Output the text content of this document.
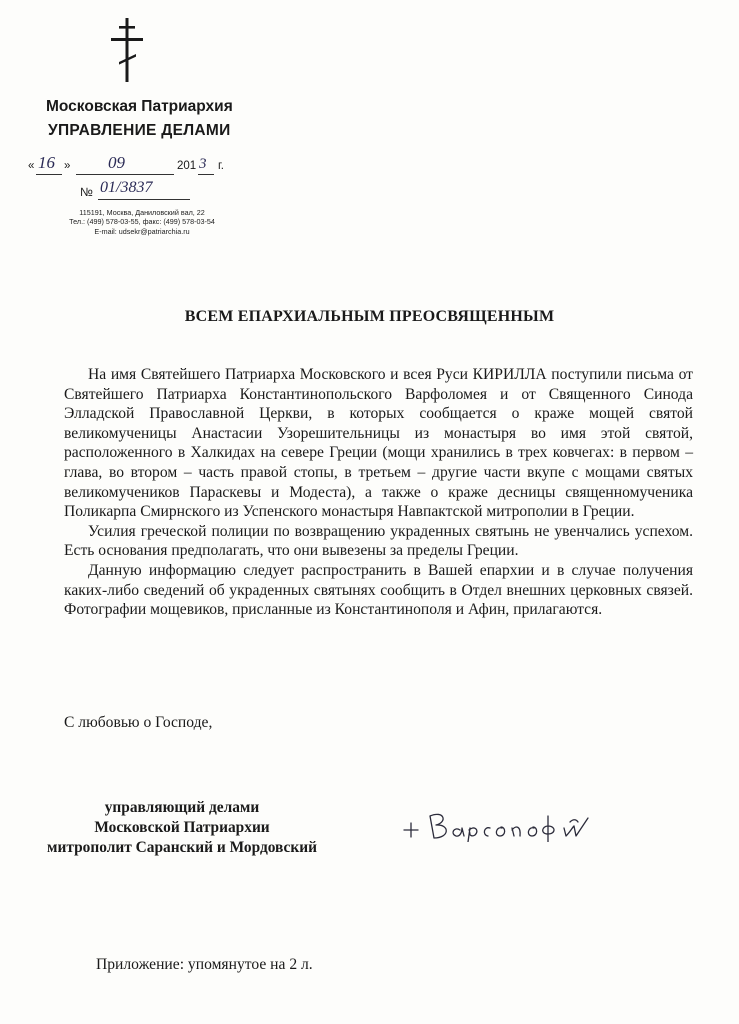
Московская Патриархия
УПРАВЛЕНИЕ ДЕЛАМИ
« 16 » 09	201 3 г.
№ 01/3837
115191, Москва, Даниловский вал, 22
Тел.: (499) 578-03-55, факс: (499) 578-03-54
E-mail: udsekr@patriarchia.ru
ВСЕМ ЕПАРХИАЛЬНЫМ ПРЕОСВЯЩЕННЫМ

На имя Святейшего Патриарха Московского и всея Руси КИРИЛЛА поступили письма от Святейшего Патриарха Константинопольского Варфоломея и от Священного Синода Элладской Православной Церкви, в которых сообщается о краже мощей святой великомученицы Анастасии Узорешительницы из монастыря во имя этой святой, расположенного в Халкидах на севере Греции (мощи хранились в трех ковчегах: в первом – глава, во втором – часть правой стопы, в третьем – другие части вкупе с мощами святых великомучеников Параскевы и Модеста), а также о краже десницы священномученика Поликарпа Смирнского из Успенского монастыря Навпактской митрополии в Греции.

Усилия греческой полиции по возвращению украденных святынь не увенчались успехом. Есть основания предполагать, что они вывезены за пределы Греции.

Данную информацию следует распространить в Вашей епархии и в случае получения каких-либо сведений об украденных святынях сообщить в Отдел внешних церковных связей. Фотографии мощевиков, присланные из Константинополя и Афин, прилагаются.

С любовью о Господе,
управляющий делами
Московской Патриархии
митрополит Саранский и Мордовский
Приложение: упомянутое на 2 л.
